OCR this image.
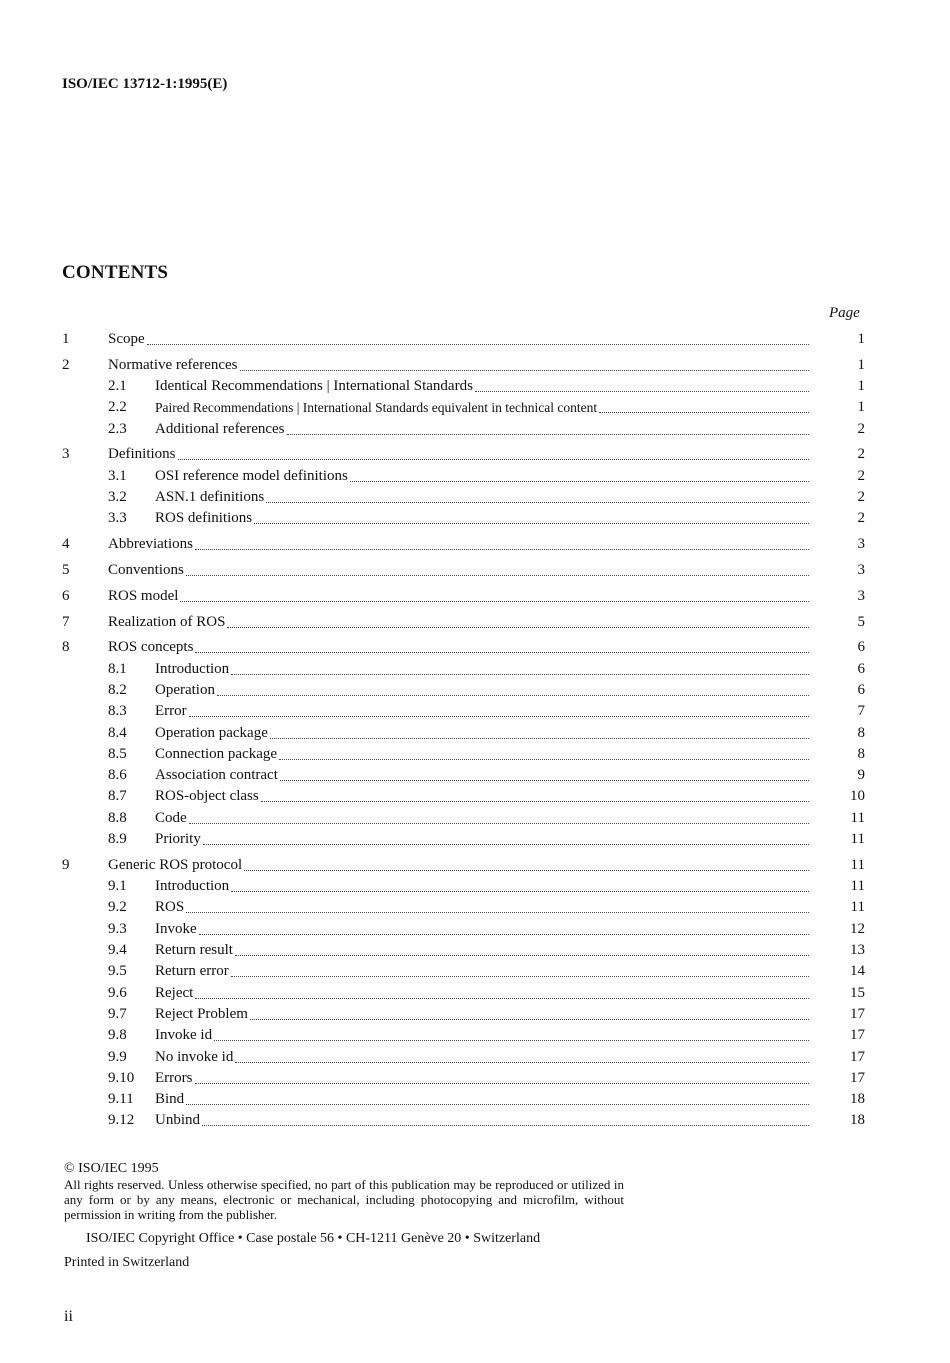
ISO/IEC 13712-1:1995(E)
CONTENTS
Page
1	Scope	1
2	Normative references	1
2.1 Identical Recommendations | International Standards	1
2.2 Paired Recommendations | International Standards equivalent in technical content	1
2.3 Additional references	2
3	Definitions	2
3.1 OSI reference model definitions	2
3.2 ASN.1 definitions	2
3.3 ROS definitions	2
4	Abbreviations	3
5	Conventions	3
6	ROS model	3
7	Realization of ROS	5
8	ROS concepts	6
8.1 Introduction	6
8.2 Operation	6
8.3 Error	7
8.4 Operation package	8
8.5 Connection package	8
8.6 Association contract	9
8.7 ROS-object class	10
8.8 Code	11
8.9 Priority	11
9	Generic ROS protocol	11
9.1 Introduction	11
9.2 ROS	11
9.3 Invoke	12
9.4 Return result	13
9.5 Return error	14
9.6 Reject	15
9.7 Reject Problem	17
9.8 Invoke id	17
9.9 No invoke id	17
9.10 Errors	17
9.11 Bind	18
9.12 Unbind	18
© ISO/IEC 1995
All rights reserved. Unless otherwise specified, no part of this publication may be reproduced or utilized in any form or by any means, electronic or mechanical, including photocopying and microfilm, without permission in writing from the publisher.
ISO/IEC Copyright Office • Case postale 56 • CH-1211 Genève 20 • Switzerland
Printed in Switzerland
ii
